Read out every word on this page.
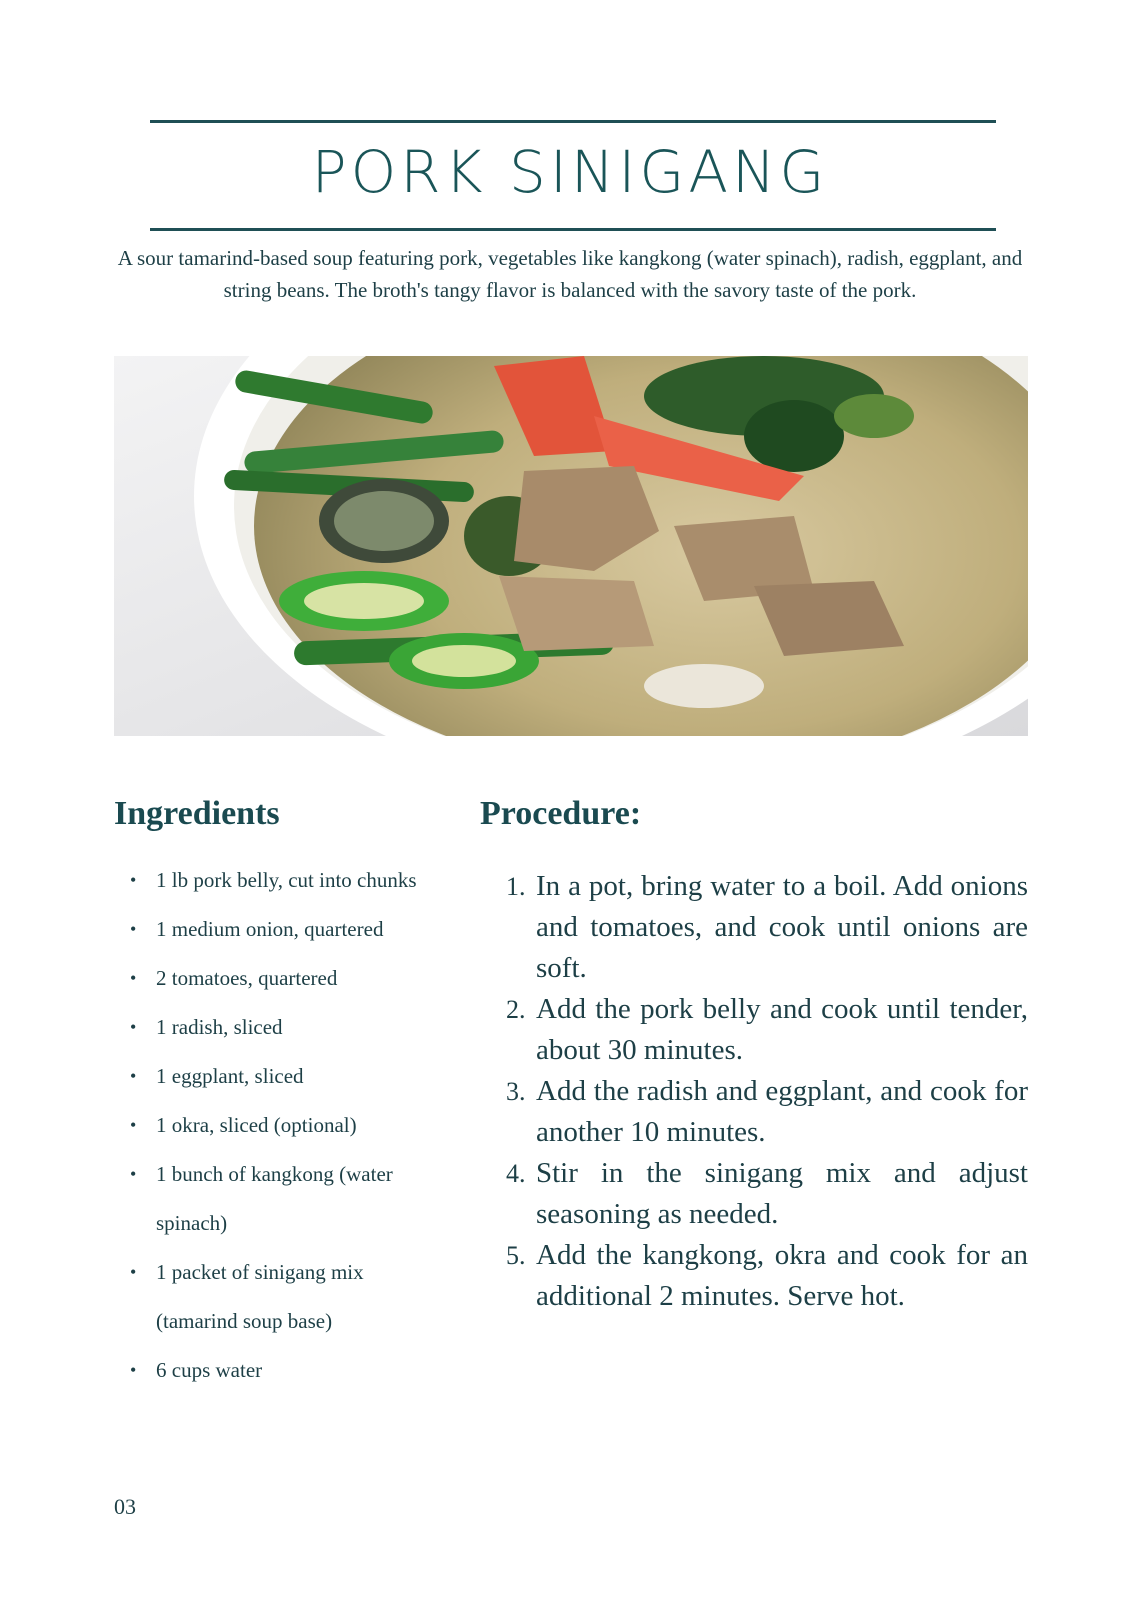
PORK SINIGANG

A sour tamarind-based soup featuring pork, vegetables like kangkong (water spinach), radish, eggplant, and string beans. The broth's tangy flavor is balanced with the savory taste of the pork.

Ingredients
• 1 lb pork belly, cut into chunks
• 1 medium onion, quartered
• 2 tomatoes, quartered
• 1 radish, sliced
• 1 eggplant, sliced
• 1 okra, sliced (optional)
• 1 bunch of kangkong (water spinach)
• 1 packet of sinigang mix (tamarind soup base)
• 6 cups water
Procedure:
1. In a pot, bring water to a boil. Add onions and tomatoes, and cook until onions are soft.
2. Add the pork belly and cook until tender, about 30 minutes.
3. Add the radish and eggplant, and cook for another 10 minutes.
4. Stir in the sinigang mix and adjust seasoning as needed.
5. Add the kangkong, okra and cook for an additional 2 minutes. Serve hot.

03
